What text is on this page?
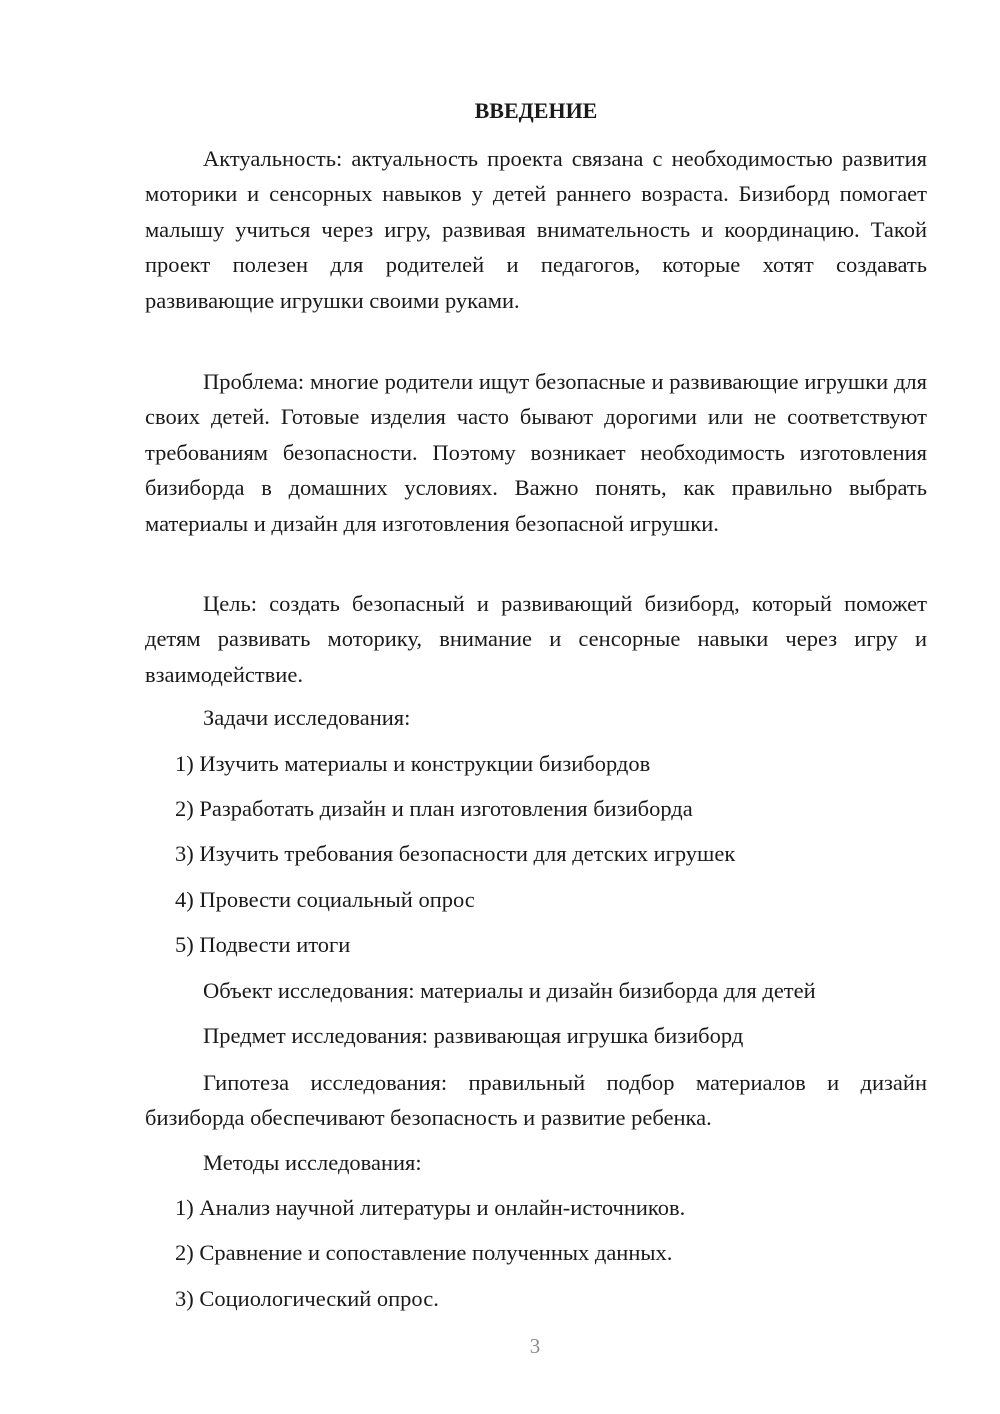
ВВЕДЕНИЕ
Актуальность: актуальность проекта связана с необходимостью развития моторики и сенсорных навыков у детей раннего возраста. Бизиборд помогает малышу учиться через игру, развивая внимательность и координацию. Такой проект полезен для родителей и педагогов, которые хотят создавать развивающие игрушки своими руками.
Проблема: многие родители ищут безопасные и развивающие игрушки для своих детей. Готовые изделия часто бывают дорогими или не соответствуют требованиям безопасности. Поэтому возникает необходимость изготовления бизиборда в домашних условиях. Важно понять, как правильно выбрать материалы и дизайн для изготовления безопасной игрушки.
Цель: создать безопасный и развивающий бизиборд, который поможет детям развивать моторику, внимание и сенсорные навыки через игру и взаимодействие.
Задачи исследования:
1) Изучить материалы и конструкции бизибордов
2) Разработать дизайн и план изготовления бизиборда
3) Изучить требования безопасности для детских игрушек
4) Провести социальный опрос
5) Подвести итоги
Объект исследования: материалы и дизайн бизиборда для детей
Предмет исследования: развивающая игрушка бизиборд
Гипотеза исследования: правильный подбор материалов и дизайн бизиборда обеспечивают безопасность и развитие ребенка.
Методы исследования:
1) Анализ научной литературы и онлайн-источников.
2) Сравнение и сопоставление полученных данных.
3) Социологический опрос.
3
